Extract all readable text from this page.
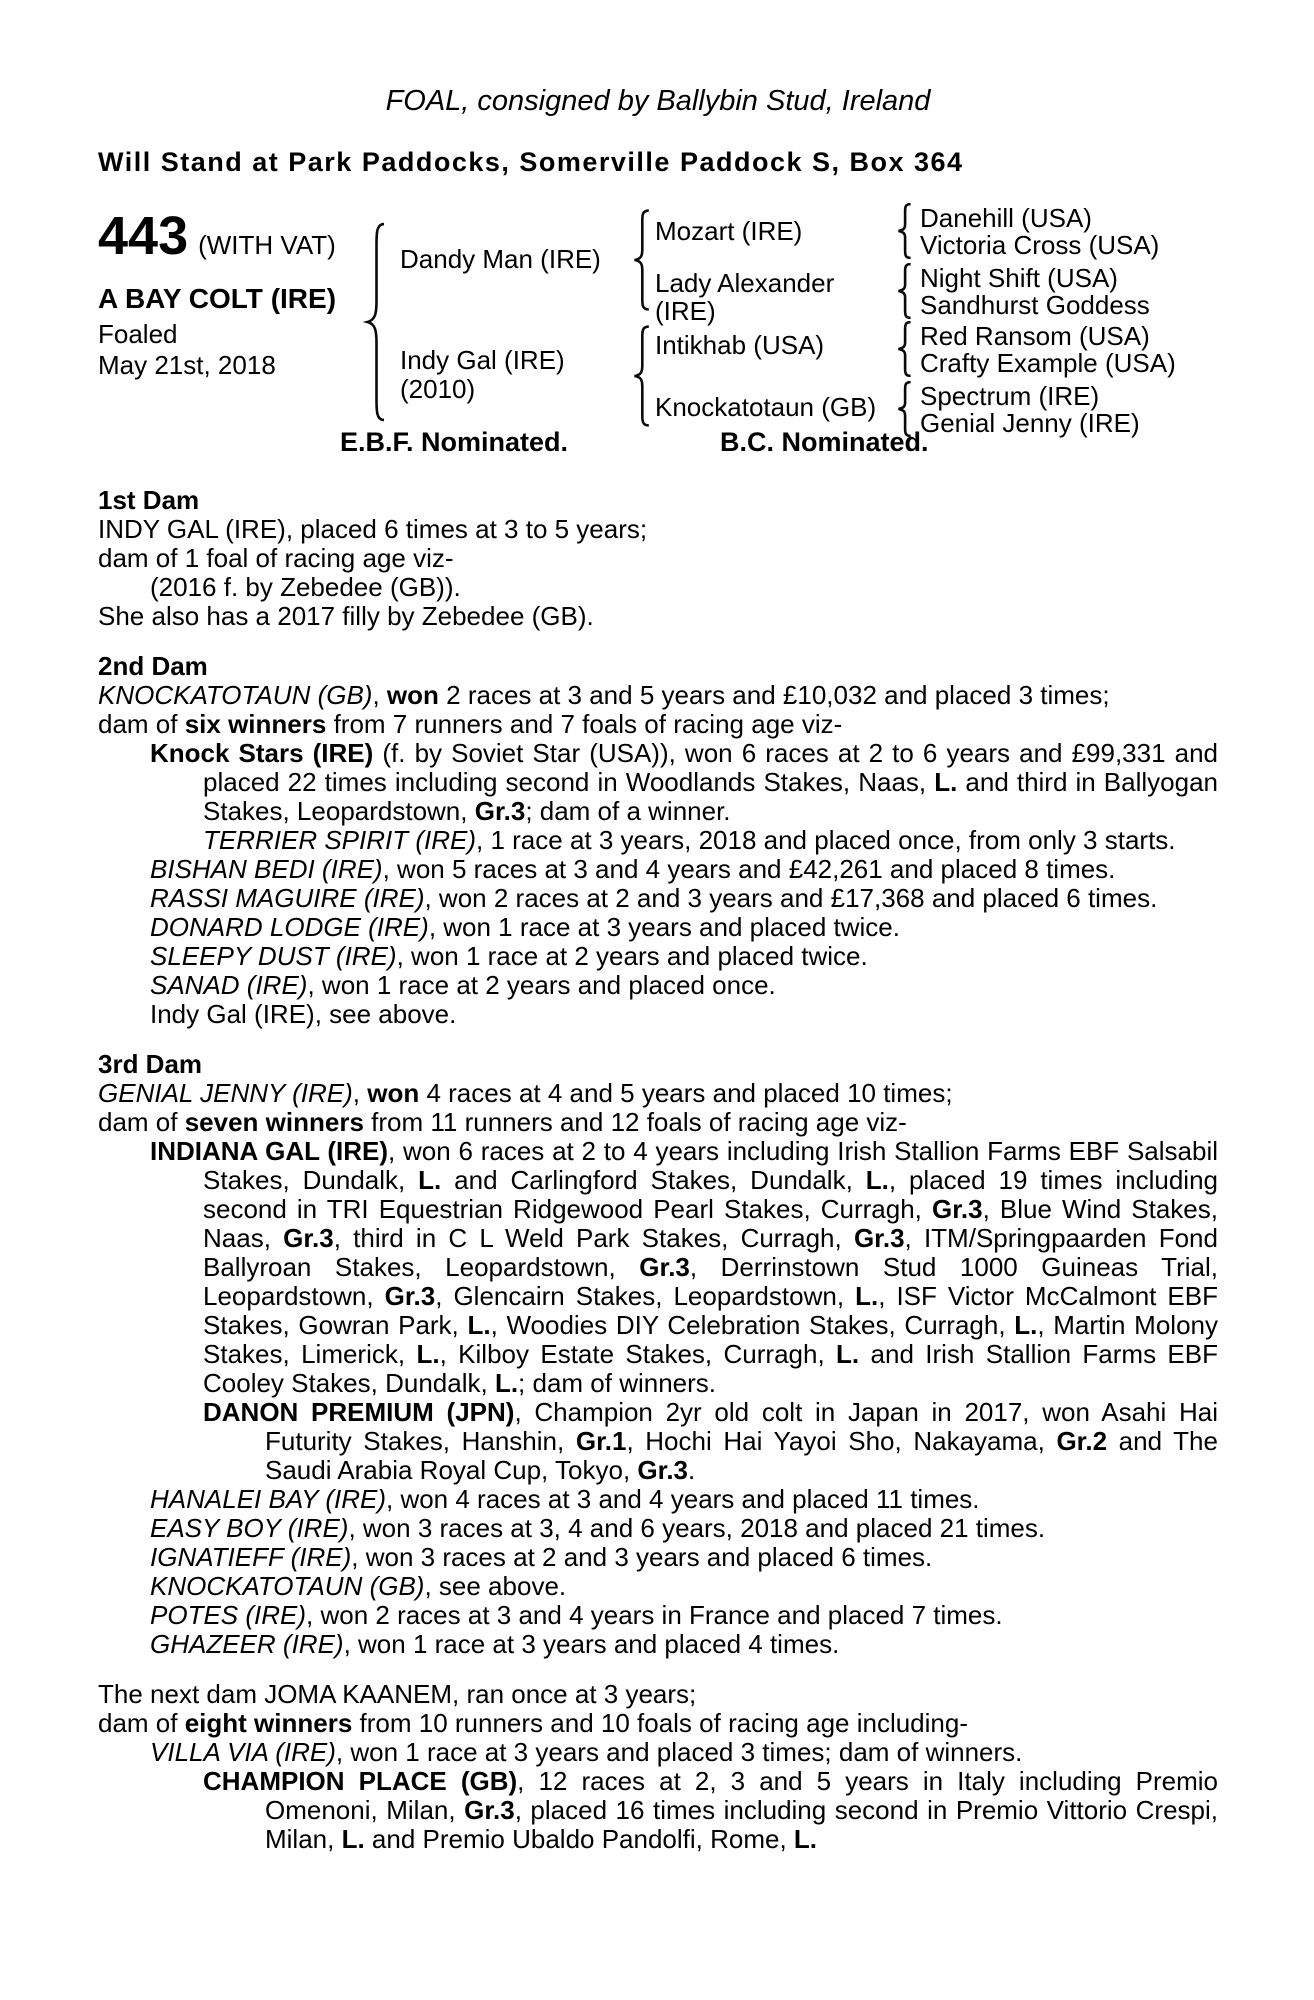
FOAL, consigned by Ballybin Stud, Ireland
Will Stand at Park Paddocks, Somerville Paddock S, Box 364
443 (WITH VAT)
A BAY COLT (IRE)
Foaled
May 21st, 2018
Dandy Man (IRE)
Indy Gal (IRE)
(2010)
Mozart (IRE)
Lady Alexander (IRE)
Intikhab (USA)
Knockatotaun (GB)
Danehill (USA)
Victoria Cross (USA)
Night Shift (USA)
Sandhurst Goddess
Red Ransom (USA)
Crafty Example (USA)
Spectrum (IRE)
Genial Jenny (IRE)
E.B.F. Nominated.	B.C. Nominated.
1st Dam

INDY GAL (IRE), placed 6 times at 3 to 5 years;

dam of 1 foal of racing age viz-

(2016 f. by Zebedee (GB)).

She also has a 2017 filly by Zebedee (GB).

2nd Dam

KNOCKATOTAUN (GB), won 2 races at 3 and 5 years and £10,032 and placed 3 times;

dam of six winners from 7 runners and 7 foals of racing age viz-

Knock Stars (IRE) (f. by Soviet Star (USA)), won 6 races at 2 to 6 years and £99,331 and placed 22 times including second in Woodlands Stakes, Naas, L. and third in Ballyogan Stakes, Leopardstown, Gr.3; dam of a winner.

TERRIER SPIRIT (IRE), 1 race at 3 years, 2018 and placed once, from only 3 starts.

BISHAN BEDI (IRE), won 5 races at 3 and 4 years and £42,261 and placed 8 times.

RASSI MAGUIRE (IRE), won 2 races at 2 and 3 years and £17,368 and placed 6 times.

DONARD LODGE (IRE), won 1 race at 3 years and placed twice.

SLEEPY DUST (IRE), won 1 race at 2 years and placed twice.

SANAD (IRE), won 1 race at 2 years and placed once.

Indy Gal (IRE), see above.

3rd Dam

GENIAL JENNY (IRE), won 4 races at 4 and 5 years and placed 10 times;

dam of seven winners from 11 runners and 12 foals of racing age viz-

INDIANA GAL (IRE), won 6 races at 2 to 4 years including Irish Stallion Farms EBF Salsabil Stakes, Dundalk, L. and Carlingford Stakes, Dundalk, L., placed 19 times including second in TRI Equestrian Ridgewood Pearl Stakes, Curragh, Gr.3, Blue Wind Stakes, Naas, Gr.3, third in C L Weld Park Stakes, Curragh, Gr.3, ITM/Springpaarden Fond Ballyroan Stakes, Leopardstown, Gr.3, Derrinstown Stud 1000 Guineas Trial, Leopardstown, Gr.3, Glencairn Stakes, Leopardstown, L., ISF Victor McCalmont EBF Stakes, Gowran Park, L., Woodies DIY Celebration Stakes, Curragh, L., Martin Molony Stakes, Limerick, L., Kilboy Estate Stakes, Curragh, L. and Irish Stallion Farms EBF Cooley Stakes, Dundalk, L.; dam of winners.

DANON PREMIUM (JPN), Champion 2yr old colt in Japan in 2017, won Asahi Hai Futurity Stakes, Hanshin, Gr.1, Hochi Hai Yayoi Sho, Nakayama, Gr.2 and The Saudi Arabia Royal Cup, Tokyo, Gr.3.

HANALEI BAY (IRE), won 4 races at 3 and 4 years and placed 11 times.

EASY BOY (IRE), won 3 races at 3, 4 and 6 years, 2018 and placed 21 times.

IGNATIEFF (IRE), won 3 races at 2 and 3 years and placed 6 times.

KNOCKATOTAUN (GB), see above.

POTES (IRE), won 2 races at 3 and 4 years in France and placed 7 times.

GHAZEER (IRE), won 1 race at 3 years and placed 4 times.

The next dam JOMA KAANEM, ran once at 3 years;

dam of eight winners from 10 runners and 10 foals of racing age including-

VILLA VIA (IRE), won 1 race at 3 years and placed 3 times; dam of winners.

CHAMPION PLACE (GB), 12 races at 2, 3 and 5 years in Italy including Premio Omenoni, Milan, Gr.3, placed 16 times including second in Premio Vittorio Crespi, Milan, L. and Premio Ubaldo Pandolfi, Rome, L.
